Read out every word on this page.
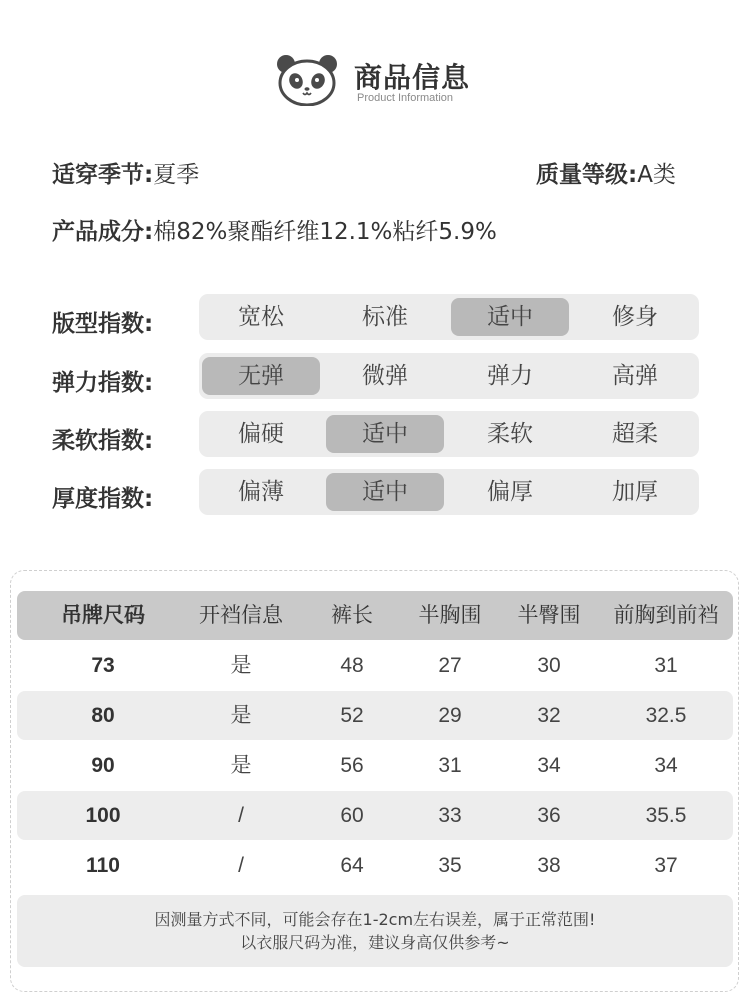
商品信息
Product Information
适穿季节:夏季	质量等级:A类
产品成分:棉82%聚酯纤维12.1%粘纤5.9%
版型指数:	宽松	标准	适中	修身
弹力指数:	无弹	微弹	弹力	高弹
柔软指数:	偏硬	适中	柔软	超柔
厚度指数:	偏薄	适中	偏厚	加厚
吊牌尺码	开裆信息	裤长	半胸围	半臀围	前胸到前裆
73	是	48	27	30	31
80	是	52	29	32	32.5
90	是	56	31	34	34
100	/	60	33	36	35.5
110	/	64	35	38	37
因测量方式不同，可能会存在1-2cm左右误差，属于正常范围!
以衣服尺码为准，建议身高仅供参考~
